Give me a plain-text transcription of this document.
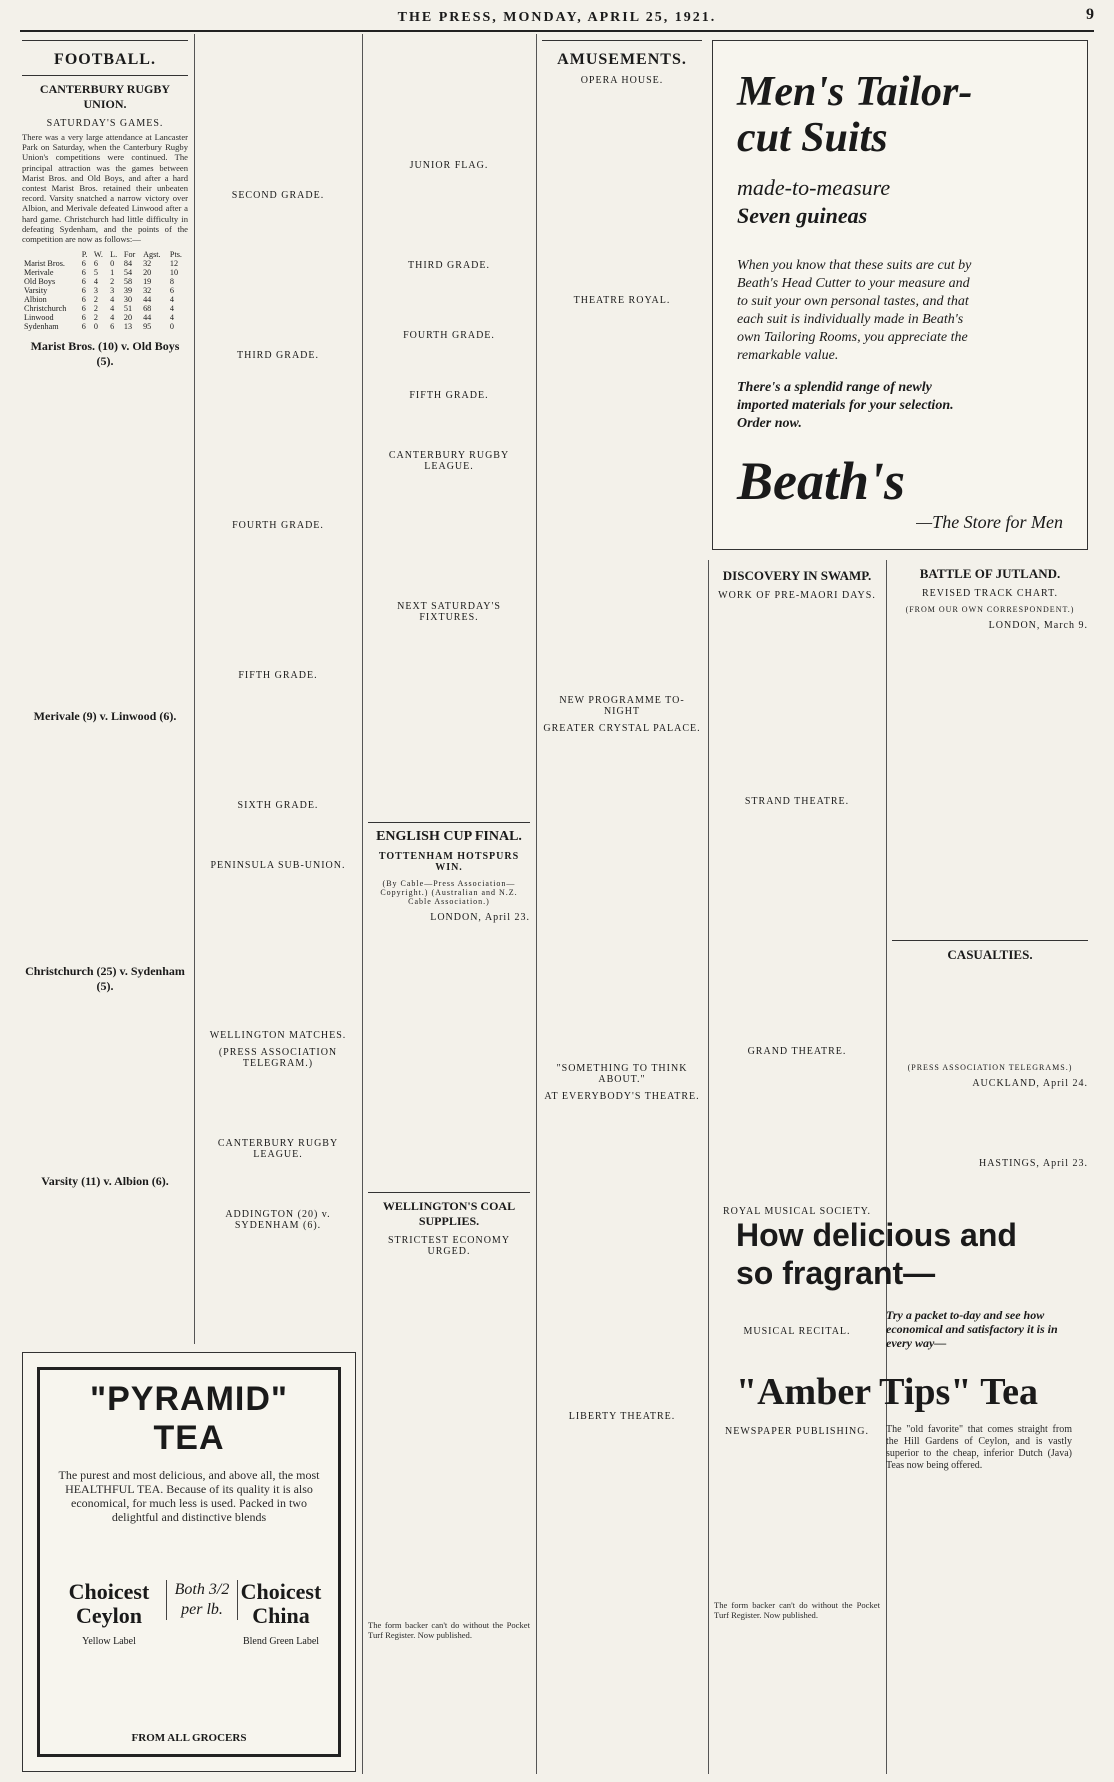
THE PRESS, MONDAY, APRIL 25, 1921.	9
FOOTBALL.
CANTERBURY RUGBY UNION.
SATURDAY'S GAMES.

There was a very large attendance at Lancaster Park on Saturday, when the Canterbury Rugby Union's competitions were continued. The principal attraction was the games between Marist Bros. and Old Boys, and after a hard contest Marist Bros. retained their unbeaten record. Varsity snatched a narrow victory over Albion, and Merivale defeated Linwood after a hard game. Christchurch had little difficulty in defeating Sydenham, and the points of the competition are now as follows:—

	P.	W.	L.	For	Agst.	Pts.
Marist Bros.	6	6	0	84	32	12
Merivale	6	5	1	54	20	10
Old Boys	6	4	2	58	19	8
Varsity	6	3	3	39	32	6
Albion	6	2	4	30	44	4
Christchurch	6	2	4	51	68	4
Linwood	6	2	4	20	44	4
Sydenham	6	0	6	13	95	0
Marist Bros. (10) v. Old Boys (5).
Merivale (9) v. Linwood (6).
Christchurch (25) v. Sydenham (5).
Varsity (11) v. Albion (6).
SECOND GRADE.
THIRD GRADE.
FOURTH GRADE.
FIFTH GRADE.
SIXTH GRADE.
PENINSULA SUB-UNION.
WELLINGTON MATCHES.
(PRESS ASSOCIATION TELEGRAM.)
CANTERBURY RUGBY LEAGUE.
ADDINGTON (20) v. SYDENHAM (6).
JUNIOR FLAG.
THIRD GRADE.
FOURTH GRADE.
FIFTH GRADE.
CANTERBURY RUGBY LEAGUE.
NEXT SATURDAY'S FIXTURES.
ENGLISH CUP FINAL.
TOTTENHAM HOTSPURS WIN.
(By Cable—Press Association—Copyright.) (Australian and N.Z. Cable Association.)
LONDON, April 23.
WELLINGTON'S COAL SUPPLIES.
STRICTEST ECONOMY URGED.

The form backer can't do without the Pocket Turf Register. Now published.

AMUSEMENTS.
OPERA HOUSE.
THEATRE ROYAL.
NEW PROGRAMME TO-NIGHT
GREATER CRYSTAL PALACE.
"SOMETHING TO THINK ABOUT."
AT EVERYBODY'S THEATRE.
LIBERTY THEATRE.

Men's Tailor-cut Suits

made-to-measure

Seven guineas

When you know that these suits are cut by Beath's Head Cutter to your measure and to suit your own personal tastes, and that each suit is individually made in Beath's own Tailoring Rooms, you appreciate the remarkable value.

There's a splendid range of newly imported materials for your selection. Order now.

Beath's
—The Store for Men
STRAND THEATRE.
GRAND THEATRE.
ROYAL MUSICAL SOCIETY.
MUSICAL RECITAL.
NEWSPAPER PUBLISHING.

The form backer can't do without the Pocket Turf Register. Now published.

BATTLE OF JUTLAND.
REVISED TRACK CHART.
(FROM OUR OWN CORRESPONDENT.)
LONDON, March 9.
CASUALTIES.
(PRESS ASSOCIATION TELEGRAMS.)
AUCKLAND, April 24.
HASTINGS, April 23.

DISCOVERY IN SWAMP.
WORK OF PRE-MAORI DAYS.
How delicious and so fragrant—

Try a packet to-day and see how economical and satisfactory it is in every way—

"Amber Tips" Tea

The "old favorite" that comes straight from the Hill Gardens of Ceylon, and is vastly superior to the cheap, inferior Dutch (Java) Teas now being offered.

"PYRAMID" TEA

The purest and most delicious, and above all, the most HEALTHFUL TEA. Because of its quality it is also economical, for much less is used. Packed in two delightful and distinctive blends

Choicest Ceylon
Yellow Label
Both 3/2 per lb.
Choicest China
Blend Green Label
FROM ALL GROCERS
